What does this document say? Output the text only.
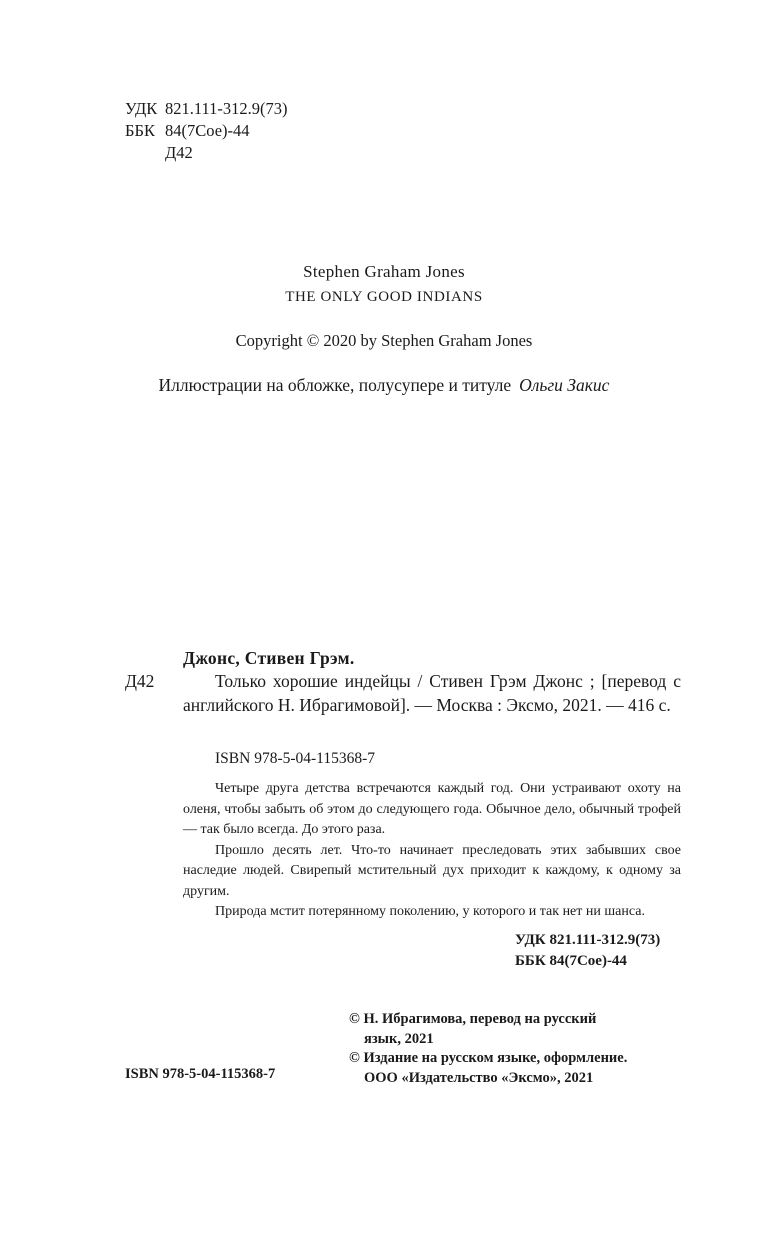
УДК 821.111-312.9(73)
ББК 84(7Сое)-44
Д42
Stephen Graham Jones
THE ONLY GOOD INDIANS
Copyright © 2020 by Stephen Graham Jones
Иллюстрации на обложке, полусупере и титуле Ольги Закис
Джонс, Стивен Грэм.
Д42	Только хорошие индейцы / Стивен Грэм Джонс ; [перевод с английского Н. Ибрагимовой]. — Москва : Эксмо, 2021. — 416 с.
ISBN 978-5-04-115368-7

Четыре друга детства встречаются каждый год. Они устраивают охоту на оленя, чтобы забыть об этом до следующего года. Обычное дело, обычный трофей — так было всегда. До этого раза.

Прошло десять лет. Что-то начинает преследовать этих забывших свое наследие людей. Свирепый мстительный дух приходит к каждому, к одному за другим.

Природа мстит потерянному поколению, у которого и так нет ни шанса.

УДК 821.111-312.9(73)
ББК 84(7Сое)-44
© Н. Ибрагимова, перевод на русский
язык, 2021
© Издание на русском языке, оформление.
ООО «Издательство «Эксмо», 2021
ISBN 978-5-04-115368-7
